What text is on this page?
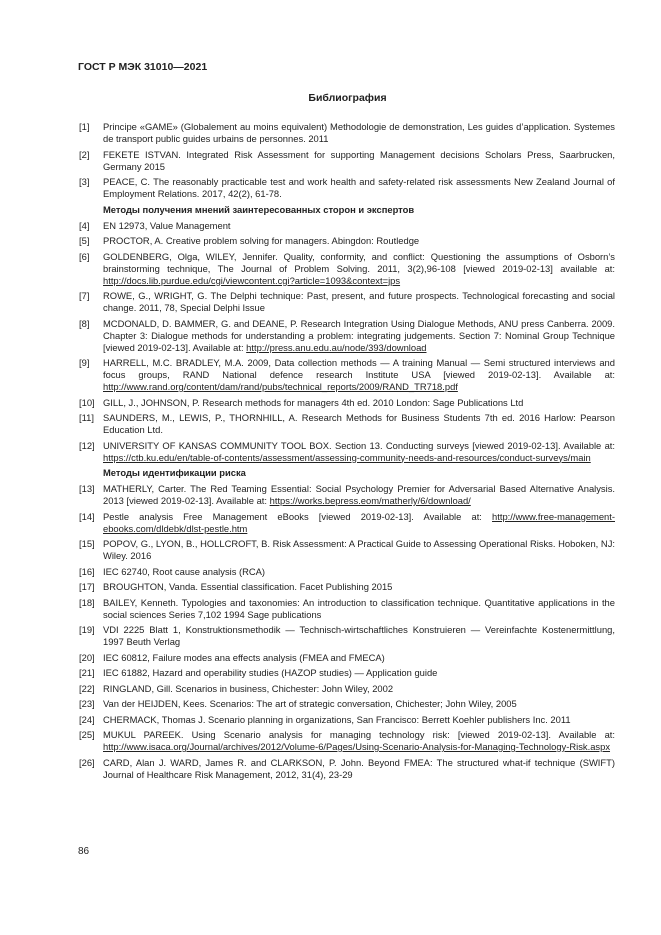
ГОСТ Р МЭК 31010—2021

Библиография

[1]	Principe «GAME» (Globalement au moins equivalent) Methodologie de demonstration, Les guides d’application. Systemes de transport public guides urbains de personnes. 2011
[2]	FEKETE ISTVAN. Integrated Risk Assessment for supporting Management decisions Scholars Press, Saarbrucken, Germany 2015
[3]	PEACE, C. The reasonably practicable test and work health and safety-related risk assessments New Zealand Journal of Employment Relations. 2017, 42(2), 61-78.
Методы получения мнений заинтересованных сторон и экспертов
[4]	EN 12973, Value Management
[5]	PROCTOR, A. Creative problem solving for managers. Abingdon: Routledge
[6]	GOLDENBERG, Olga, WILEY, Jennifer. Quality, conformity, and conflict: Questioning the assumptions of Osborn’s brainstorming technique, The Journal of Problem Solving. 2011, 3(2),96-108 [viewed 2019-02-13] available at: http://docs.lib.purdue.edu/cgi/viewcontent.cgi?article=1093&context=jps
[7]	ROWE, G., WRIGHT, G. The Delphi technique: Past, present, and future prospects. Technological forecasting and social change. 2011, 78, Special Delphi Issue
[8]	MCDONALD, D. BAMMER, G. and DEANE, P. Research Integration Using Dialogue Methods, ANU press Canberra. 2009. Chapter 3: Dialogue methods for understanding a problem: integrating judgements. Section 7: Nominal Group Technique [viewed 2019-02-13]. Available at: http://press.anu.edu.au/node/393/download
[9]	HARRELL, M.C. BRADLEY, M.A. 2009, Data collection methods — A training Manual — Semi structured interviews and focus groups, RAND National defence research Institute USA [viewed 2019-02-13]. Available at: http://www.rand.org/content/dam/rand/pubs/technical_reports/2009/RAND_TR718.pdf
[10] GILL, J., JOHNSON, P. Research methods for managers 4th ed. 2010 London: Sage Publications Ltd
[11] SAUNDERS, M., LEWIS, P., THORNHILL, A. Research Methods for Business Students 7th ed. 2016 Harlow: Pearson Education Ltd.
[12] UNIVERSITY OF KANSAS COMMUNITY TOOL BOX. Section 13. Conducting surveys [viewed 2019-02-13]. Available at: https://ctb.ku.edu/en/table-of-contents/assessment/assessing-community-needs-and-resources/conduct-surveys/main
Методы идентификации риска
[13] MATHERLY, Carter. The Red Teaming Essential: Social Psychology Premier for Adversarial Based Alternative Analysis. 2013 [viewed 2019-02-13]. Available at: https://works.bepress.eom/matherly/6/download/
[14] Pestle analysis Free Management eBooks [viewed 2019-02-13]. Available at: http://www.free-management-ebooks.com/dldebk/dlst-pestle.htm
[15] POPOV, G., LYON, B., HOLLCROFT, B. Risk Assessment: A Practical Guide to Assessing Operational Risks. Hoboken, NJ: Wiley. 2016
[16] IEC 62740, Root cause analysis (RCA)
[17] BROUGHTON, Vanda. Essential classification. Facet Publishing 2015
[18] BAILEY, Kenneth. Typologies and taxonomies: An introduction to classification technique. Quantitative applications in the social sciences Series 7,102 1994 Sage publications
[19] VDI 2225 Blatt 1, Konstruktionsmethodik — Technisch-wirtschaftliches Konstruieren — Vereinfachte Kostenermittlung, 1997 Beuth Verlag
[20] IEC 60812, Failure modes ana effects analysis (FMEA and FMECA)
[21] IEC 61882, Hazard and operability studies (HAZOP studies) — Application guide
[22] RINGLAND, Gill. Scenarios in business, Chichester: John Wiley, 2002
[23] Van der HEIJDEN, Kees. Scenarios: The art of strategic conversation, Chichester; John Wiley, 2005
[24] CHERMACK, Thomas J. Scenario planning in organizations, San Francisco: Berrett Koehler publishers Inc. 2011
[25] MUKUL PAREEK. Using Scenario analysis for managing technology risk: [viewed 2019-02-13]. Available at: http://www.isaca.org/Journal/archives/2012/Volume-6/Pages/Using-Scenario-Analysis-for-Managing-Technology-Risk.aspx
[26] CARD, Alan J. WARD, James R. and CLARKSON, P. John. Beyond FMEA: The structured what-if technique (SWIFT) Journal of Healthcare Risk Management, 2012, 31(4), 23-29

86
